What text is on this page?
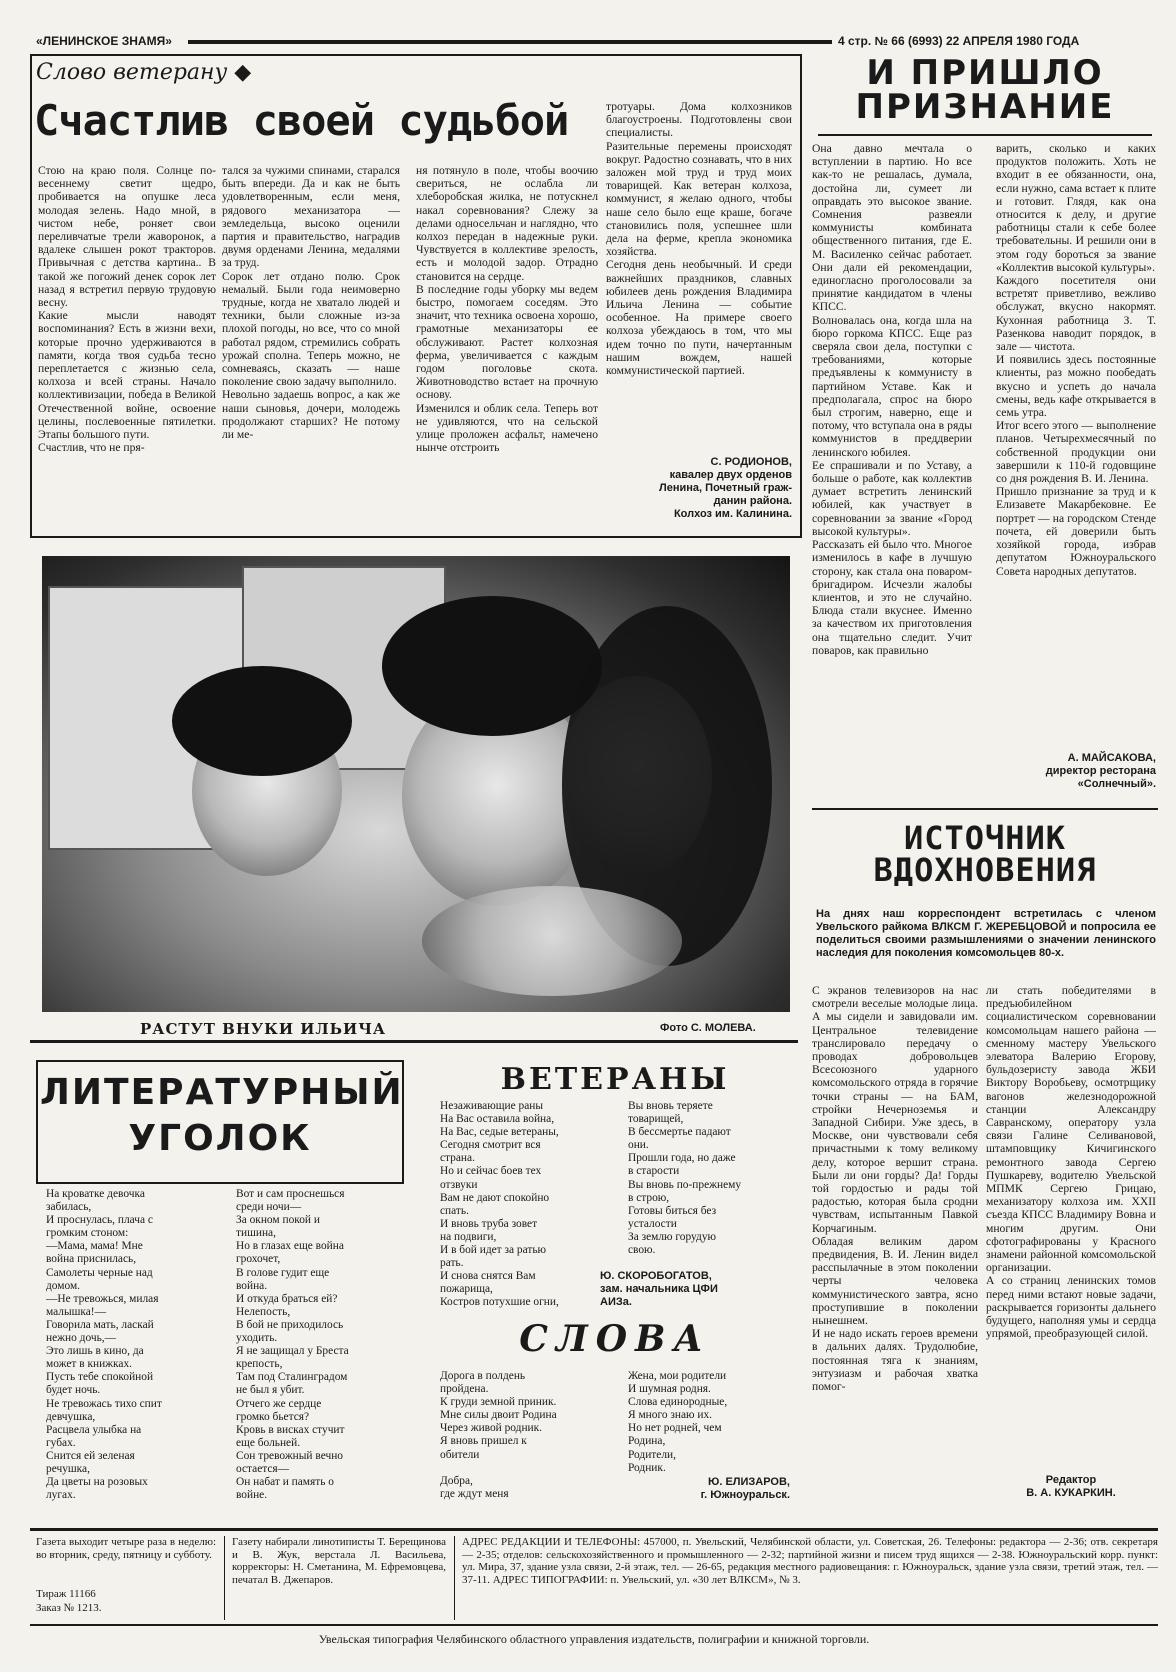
«ЛЕНИНСКОЕ ЗНАМЯ»	4 стр. № 66 (6993) 22 АПРЕЛЯ 1980 ГОДА
Слово ветерану ◆
Счастлив своей судьбой
Стою на краю поля. Солнце по-весеннему светит щедро, пробивается на опушке леса молодая зелень. Надо мной, в чистом небе, роняет свои переливчатые трели жаворонок, а вдалеке слышен рокот тракторов. Привычная с детства картина.. В такой же погожий денек сорок лет назад я встретил первую трудовую весну.
Какие мысли наводят воспоминания? Есть в жизни вехи, которые прочно удерживаются в памяти, когда твоя судьба тесно переплетается с жизнью села, колхоза и всей страны. Начало коллективизации, победа в Великой Отечественной войне, освоение целины, послевоенные пятилетки. Этапы большого пути.
Счастлив, что не пря-
тался за чужими спинами, старался быть впереди. Да и как не быть удовлетворенным, если меня, рядового механизатора — земледельца, высоко оценили партия и правительство, наградив двумя орденами Ленина, медалями за труд.
Сорок лет отдано полю. Срок немалый. Были года неимоверно трудные, когда не хватало людей и техники, были сложные из-за плохой погоды, но все, что со мной работал рядом, стремились собрать урожай сполна. Теперь можно, не сомневаясь, сказать — наше поколение свою задачу выполнило.
Невольно задаешь вопрос, а как же наши сыновья, дочери, молодежь продолжают старших? Не потому ли ме-
ня потянуло в поле, чтобы воочию свериться, не ослабла ли хлеборобская жилка, не потускнел накал соревнования? Слежу за делами односельчан и наглядно, что колхоз передан в надежные руки. Чувствуется в коллективе зрелость, есть и молодой задор. Отрадно становится на сердце.
В последние годы уборку мы ведем быстро, помогаем соседям. Это значит, что техника освоена хорошо, грамотные механизаторы ее обслуживают. Растет колхозная ферма, увеличивается с каждым годом поголовье скота. Животноводство встает на прочную основу.
Изменился и облик села. Теперь вот не удивляются, что на сельской улице проложен асфальт, намечено нынче отстроить
тротуары. Дома колхозников благоустроены. Подготовлены свои специалисты.
Разительные перемены происходят вокруг. Радостно сознавать, что в них заложен мой труд и труд моих товарищей. Как ветеран колхоза, коммунист, я желаю одного, чтобы наше село было еще краше, богаче становились поля, успешнее шли дела на ферме, крепла экономика хозяйства.
Сегодня день необычный. И среди важнейших праздников, славных юбилеев день рождения Владимира Ильича Ленина — событие особенное. На примере своего колхоза убеждаюсь в том, что мы идем точно по пути, начертанным нашим вождем, нашей коммунистической партией.
С. РОДИОНОВ,
кавалер двух орденов
Ленина, Почетный граж-
данин района.
Колхоз им. Калинина.
РАСТУТ ВНУКИ ИЛЬИЧА	Фото С. МОЛЕВА.
И ПРИШЛО
ПРИЗНАНИЕ
Она давно мечтала о вступлении в партию. Но все как-то не решалась, думала, достойна ли, сумеет ли оправдать это высокое звание. Сомнения развеяли коммунисты комбината общественного питания, где Е. М. Василенко сейчас работает. Они дали ей рекомендации, единогласно проголосовали за принятие кандидатом в члены КПСС.
Волновалась она, когда шла на бюро горкома КПСС. Еще раз сверяла свои дела, поступки с требованиями, которые предъявлены к коммунисту в партийном Уставе. Как и предполагала, спрос на бюро был строгим, наверно, еще и потому, что вступала она в ряды коммунистов в преддверии ленинского юбилея.
Ее спрашивали и по Уставу, а больше о работе, как коллектив думает встретить ленинский юбилей, как участвует в соревновании за звание «Город высокой культуры».
Рассказать ей было что. Многое изменилось в кафе в лучшую сторону, как стала она поваром-бригадиром. Исчезли жалобы клиентов, и это не случайно. Блюда стали вкуснее. Именно за качеством их приготовления она тщательно следит. Учит поваров, как правильно
варить, сколько и каких продуктов положить. Хоть не входит в ее обязанности, она, если нужно, сама встает к плите и готовит. Глядя, как она относится к делу, и другие работницы стали к себе более требовательны. И решили они в этом году бороться за звание «Коллектив высокой культуры».
Каждого посетителя они встретят приветливо, вежливо обслужат, вкусно накормят. Кухонная работница З. Т. Разенкова наводит порядок, в зале — чистота.
И появились здесь постоянные клиенты, раз можно пообедать вкусно и успеть до начала смены, ведь кафе открывается в семь утра.
Итог всего этого — выполнение планов. Четырехмесячный по собственной продукции они завершили к 110-й годовщине со дня рождения В. И. Ленина.
Пришло признание за труд и к Елизавете Макарбековне. Ее портрет — на городском Стенде почета, ей доверили быть хозяйкой города, избрав депутатом Южноуральского Совета народных депутатов.
А. МАЙСАКОВА,
директор ресторана
«Солнечный».
ИСТОЧНИК
ВДОХНОВЕНИЯ
На днях наш корреспондент встретилась с членом Увельского райкома ВЛКСМ Г. ЖЕРЕБЦОВОЙ и попросила ее поделиться своими размышлениями о значении ленинского наследия для поколения комсомольцев 80-х.
С экранов телевизоров на нас смотрели веселые молодые лица. А мы сидели и завидовали им. Центральное телевидение транслировало передачу о проводах добровольцев Всесоюзного ударного комсомольского отряда в горячие точки страны — на БАМ, стройки Нечерноземья и Западной Сибири. Уже здесь, в Москве, они чувствовали себя причастными к тому великому делу, которое вершит страна. Были ли они горды? Да! Горды той гордостью и рады той радостью, которая была сродни чувствам, испытанным Павкой Корчагиным.
Обладая великим даром предвидения, В. И. Ленин видел расспылачные в этом поколении черты человека коммунистического завтра, ясно проступившие в поколении нынешнем.
И не надо искать героев времени в дальних далях. Трудолюбие, постоянная тяга к знаниям, энтузиазм и рабочая хватка помог-
ли стать победителями в предъюбилейном социалистическом соревновании комсомольцам нашего района — сменному мастеру Увельского элеватора Валерию Егорову, бульдозеристу завода ЖБИ Виктору Воробьеву, осмотрщику вагонов железнодорожной станции Александру Савранскому, оператору узла связи Галине Селивановой, штамповщику Кичигинского ремонтного завода Сергею Пушкареву, водителю Увельской МПМК Сергею Грицаю, механизатору колхоза им. XXII съезда КПСС Владимиру Вовна и многим другим. Они сфотографированы у Красного знамени районной комсомольской организации.
А со страниц ленинских томов перед ними встают новые задачи, раскрывается горизонты дальнего будущего, наполняя умы и сердца упрямой, преобразующей силой.
Редактор
В. А. КУКАРКИН.
ЛИТЕРАТУРНЫЙ
УГОЛОК
На кроватке девочка
забилась,
И проснулась, плача с
громким стоном:
—Мама, мама! Мне
война приснилась,
Самолеты черные над
домом.
—Не тревожься, милая
малышка!—
Говорила мать, ласкай
нежно дочь,—
Это лишь в кино, да
может в книжках.
Пусть тебе спокойной
будет ночь.
Не тревожась тихо спит
девчушка,
Расцвела улыбка на
губах.
Снится ей зеленая
речушка,
Да цветы на розовых
лугах.
Вот и сам проснешься
среди ночи—
За окном покой и
тишина,
Но в глазах еще война
грохочет,
В голове гудит еще
война.
И откуда браться ей?
Нелепость,
В бой не приходилось
уходить.
Я не защищал у Бреста
крепость,
Там под Сталинградом
не был я убит.
Отчего же сердце
громко бьется?
Кровь в висках стучит
еще больней.
Сон тревожный вечно
остается—
Он набат и память о
войне.
ВЕТЕРАНЫ
Незаживающие раны
На Вас оставила война,
На Вас, седые ветераны,
Сегодня смотрит вся
страна.
Но и сейчас боев тех
отзвуки
Вам не дают спокойно
спать.
И вновь труба зовет
на подвиги,
И в бой идет за ратью
рать.
И снова снятся Вам
пожарища,
Костров потухшие огни,
Вы вновь теряете
товарищей,
В бессмертье падают
они.
Прошли года, но даже
в старости
Вы вновь по-прежнему
в строю,
Готовы биться без
усталости
За землю горудую
свою.
Ю. СКОРОБОГАТОВ,
зам. начальника ЦФИ
АИЗа.
СЛОВА
Дорога в полдень
пройдена.
К груди земной приник.
Мне силы двоит Родина
Через живой родник.
Я вновь пришел к
обители

Добра,
где ждут меня
Жена, мои родители
И шумная родня.
Слова единородные,
Я много знаю их.
Но нет родней, чем
Родина,
Родители,
Родник.
Ю. ЕЛИЗАРОВ,
г. Южноуральск.
Газета выходит четыре раза в неделю: во вторник, среду, пятницу и субботу.
Тираж 11166
Заказ № 1213.
Газету набирали линотиписты Т. Берещинова и В. Жук, верстала Л. Васильева, корректоры: Н. Сметанина, М. Ефремовцева, печатал В. Джепаров.
АДРЕС РЕДАКЦИИ И ТЕЛЕФОНЫ: 457000, п. Увельский, Челябинской области, ул. Советская, 26. Телефоны: редактора — 2-36; отв. секретаря — 2-35; отделов: сельскохозяйственного и промышленного — 2-32; партийной жизни и писем труд ящихся — 2-38. Южноуральский корр. пункт: ул. Мира, 37, здание узла связи, 2-й этаж, тел. — 26-65, редакция местного радиовещания: г. Южноуральск, здание узла связи, третий этаж, тел. — 37-11. АДРЕС ТИПОГРАФИИ: п. Увельский, ул. «30 лет ВЛКСМ», № 3.
Увельская типография Челябинского областного управления издательств, полиграфии и книжной торговли.
